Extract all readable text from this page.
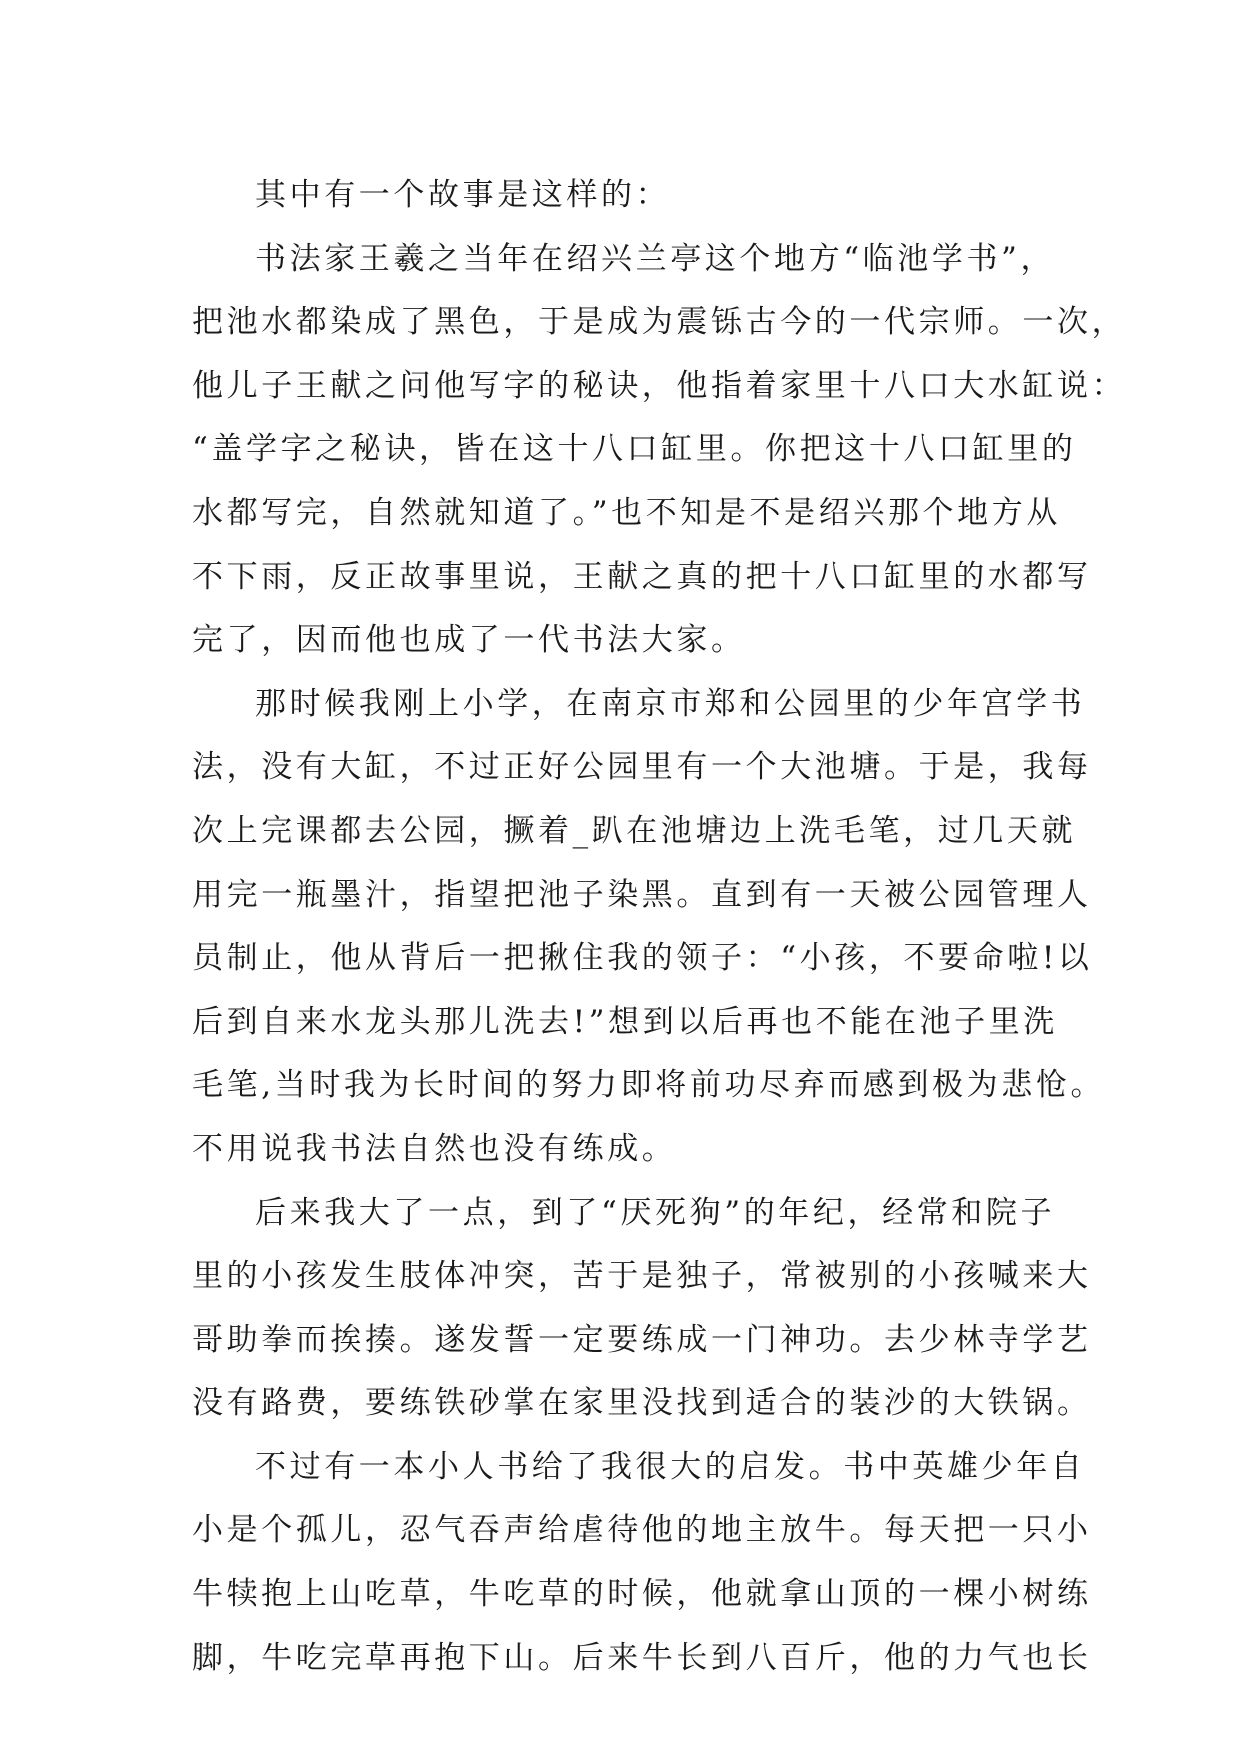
其中有一个故事是这样的：
书法家王羲之当年在绍兴兰亭这个地方“临池学书”，
把池水都染成了黑色，于是成为震铄古今的一代宗师。一次，
他儿子王献之问他写字的秘诀，他指着家里十八口大水缸说：
“盖学字之秘诀，皆在这十八口缸里。你把这十八口缸里的
水都写完，自然就知道了。”也不知是不是绍兴那个地方从
不下雨，反正故事里说，王献之真的把十八口缸里的水都写
完了，因而他也成了一代书法大家。
那时候我刚上小学，在南京市郑和公园里的少年宫学书
法，没有大缸，不过正好公园里有一个大池塘。于是，我每
次上完课都去公园，撅着_趴在池塘边上洗毛笔，过几天就
用完一瓶墨汁，指望把池子染黑。直到有一天被公园管理人
员制止，他从背后一把揪住我的领子：“小孩，不要命啦!以
后到自来水龙头那儿洗去!”想到以后再也不能在池子里洗
毛笔,当时我为长时间的努力即将前功尽弃而感到极为悲怆。
不用说我书法自然也没有练成。
后来我大了一点，到了“厌死狗”的年纪，经常和院子
里的小孩发生肢体冲突，苦于是独子，常被别的小孩喊来大
哥助拳而挨揍。遂发誓一定要练成一门神功。去少林寺学艺
没有路费，要练铁砂掌在家里没找到适合的装沙的大铁锅。
不过有一本小人书给了我很大的启发。书中英雄少年自
小是个孤儿，忍气吞声给虐待他的地主放牛。每天把一只小
牛犊抱上山吃草，牛吃草的时候，他就拿山顶的一棵小树练
脚，牛吃完草再抱下山。后来牛长到八百斤，他的力气也长
